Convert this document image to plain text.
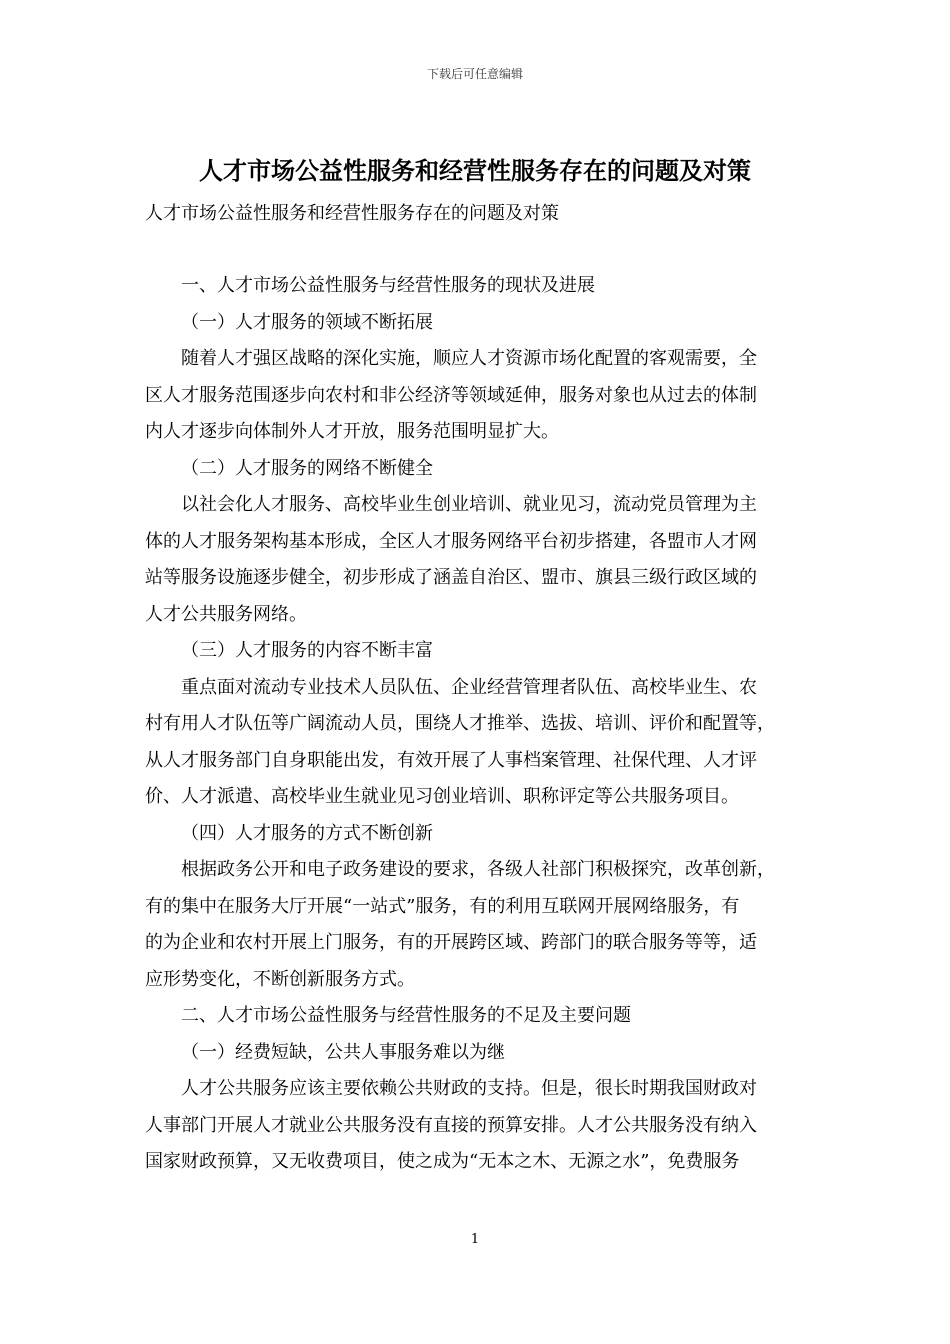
下载后可任意编辑
人才市场公益性服务和经营性服务存在的问题及对策
人才市场公益性服务和经营性服务存在的问题及对策

一、人才市场公益性服务与经营性服务的现状及进展

（一）人才服务的领域不断拓展

随着人才强区战略的深化实施，顺应人才资源市场化配置的客观需要，全
区人才服务范围逐步向农村和非公经济等领域延伸，服务对象也从过去的体制
内人才逐步向体制外人才开放，服务范围明显扩大。

（二）人才服务的网络不断健全

以社会化人才服务、高校毕业生创业培训、就业见习，流动党员管理为主
体的人才服务架构基本形成，全区人才服务网络平台初步搭建，各盟市人才网
站等服务设施逐步健全，初步形成了涵盖自治区、盟市、旗县三级行政区域的
人才公共服务网络。

（三）人才服务的内容不断丰富

重点面对流动专业技术人员队伍、企业经营管理者队伍、高校毕业生、农
村有用人才队伍等广阔流动人员，围绕人才推举、选拔、培训、评价和配置等，
从人才服务部门自身职能出发，有效开展了人事档案管理、社保代理、人才评
价、人才派遣、高校毕业生就业见习创业培训、职称评定等公共服务项目。

（四）人才服务的方式不断创新

根据政务公开和电子政务建设的要求，各级人社部门积极探究，改革创新，
有的集中在服务大厅开展“一站式”服务，有的利用互联网开展网络服务，有
的为企业和农村开展上门服务，有的开展跨区域、跨部门的联合服务等等，适
应形势变化，不断创新服务方式。

二、人才市场公益性服务与经营性服务的不足及主要问题

（一）经费短缺，公共人事服务难以为继

人才公共服务应该主要依赖公共财政的支持。但是，很长时期我国财政对
人事部门开展人才就业公共服务没有直接的预算安排。人才公共服务没有纳入
国家财政预算，又无收费项目，使之成为“无本之木、无源之水”，免费服务

1
